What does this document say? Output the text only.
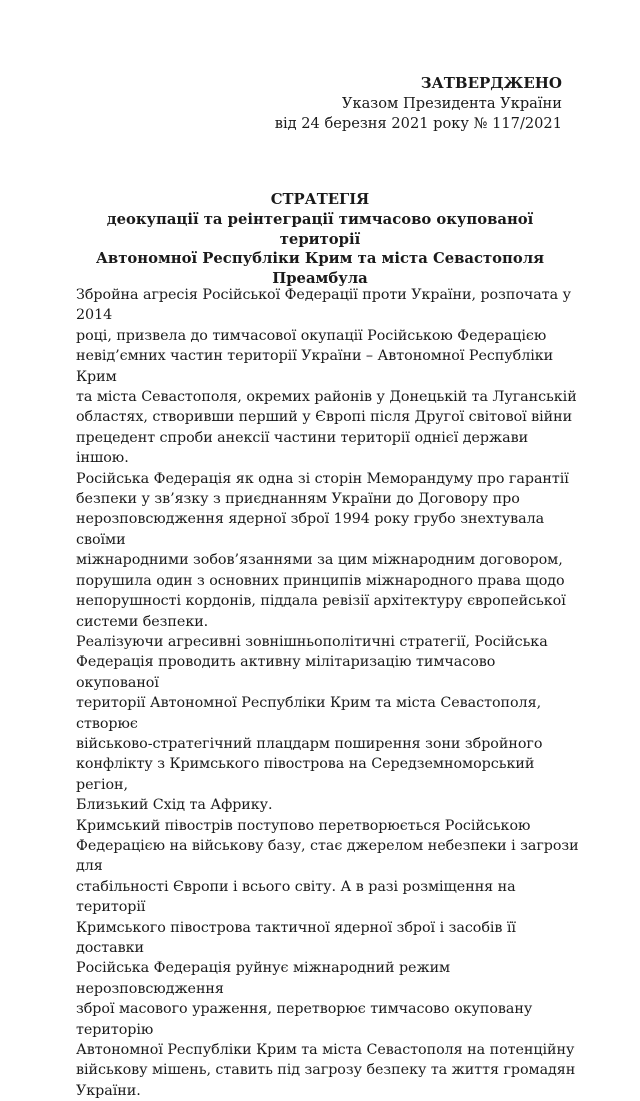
ЗАТВЕРДЖЕНО
Указом Президента України
від 24 березня 2021 року № 117/2021
СТРАТЕГІЯ
деокупації та реінтеграції тимчасово окупованої території
Автономної Республіки Крим та міста Севастополя
Преамбула

Збройна агресія Російської Федерації проти України, розпочата у 2014
році, призвела до тимчасової окупації Російською Федерацією
невід’ємних частин території України – Автономної Республіки Крим
та міста Севастополя, окремих районів у Донецькій та Луганській
областях, створивши перший у Європі після Другої світової війни
прецедент спроби анексії частини території однієї держави іншою.
Російська Федерація як одна зі сторін Меморандуму про гарантії
безпеки у зв’язку з приєднанням України до Договору про
нерозповсюдження ядерної зброї 1994 року грубо знехтувала своїми
міжнародними зобов’язаннями за цим міжнародним договором,
порушила один з основних принципів міжнародного права щодо
непорушності кордонів, піддала ревізії архітектуру європейської
системи безпеки.

Реалізуючи агресивні зовнішньополітичні стратегії, Російська
Федерація проводить активну мілітаризацію тимчасово окупованої
території Автономної Республіки Крим та міста Севастополя, створює
військово-стратегічний плацдарм поширення зони збройного
конфлікту з Кримського півострова на Середземноморський регіон,
Близький Схід та Африку.

Кримський півострів поступово перетворюється Російською
Федерацією на військову базу, стає джерелом небезпеки і загрози для
стабільності Європи і всього світу. А в разі розміщення на території
Кримського півострова тактичної ядерної зброї і засобів її доставки
Російська Федерація руйнує міжнародний режим нерозповсюдження
зброї масового ураження, перетворює тимчасово окуповану територію
Автономної Республіки Крим та міста Севастополя на потенційну
військову мішень, ставить під загрозу безпеку та життя громадян
України.
